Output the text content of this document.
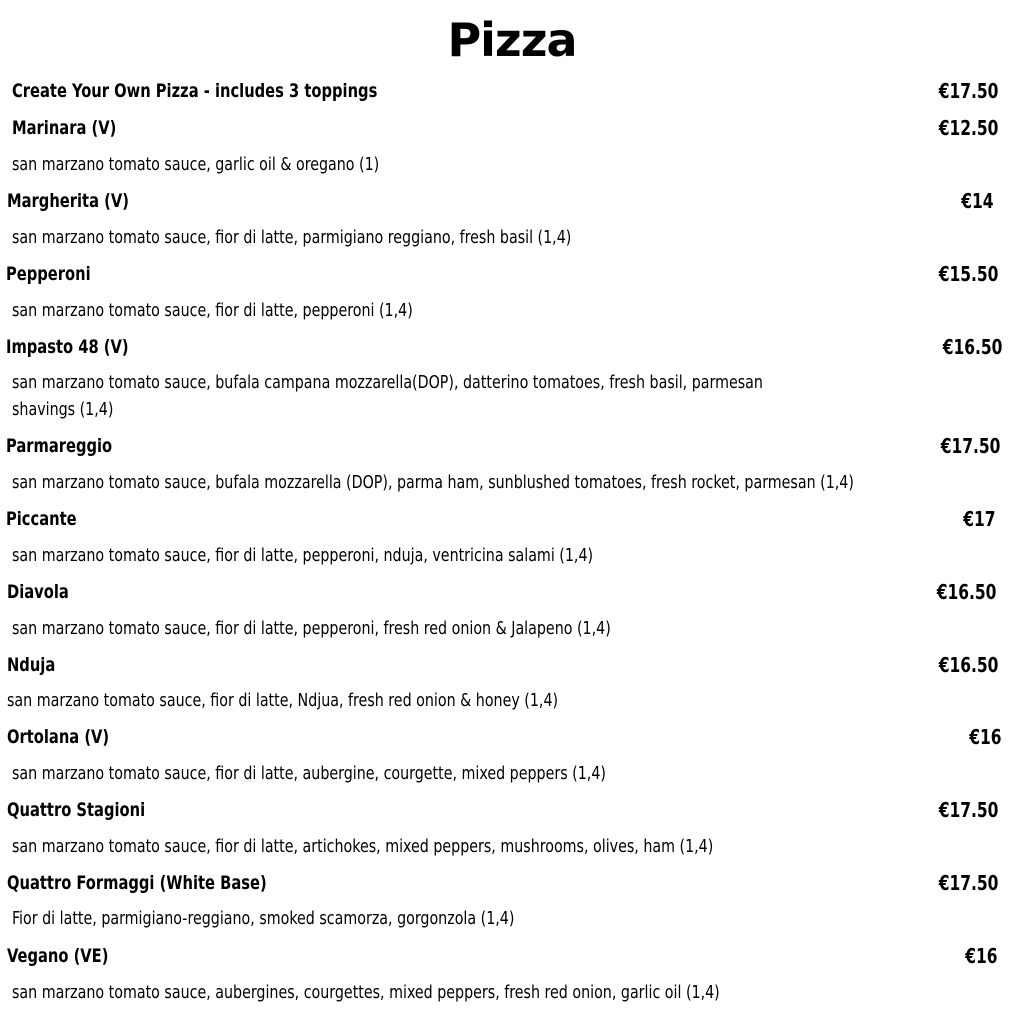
Pizza
Create Your Own Pizza - includes 3 toppings	€17.50
Marinara (V)	€12.50
san marzano tomato sauce, garlic oil & oregano (1)
Margherita (V)	€14
san marzano tomato sauce, fior di latte, parmigiano reggiano, fresh basil (1,4)
Pepperoni	€15.50
san marzano tomato sauce, fior di latte, pepperoni (1,4)
Impasto 48 (V)	€16.50
san marzano tomato sauce, bufala campana mozzarella(DOP), datterino tomatoes, fresh basil, parmesan
shavings (1,4)
Parmareggio	€17.50
san marzano tomato sauce, bufala mozzarella (DOP), parma ham, sunblushed tomatoes, fresh rocket, parmesan (1,4)
Piccante	€17
san marzano tomato sauce, fior di latte, pepperoni, nduja, ventricina salami (1,4)
Diavola	€16.50
san marzano tomato sauce, fior di latte, pepperoni, fresh red onion & Jalapeno (1,4)
Nduja	€16.50
san marzano tomato sauce, fior di latte, Ndjua, fresh red onion & honey (1,4)
Ortolana (V)	€16
san marzano tomato sauce, fior di latte, aubergine, courgette, mixed peppers (1,4)
Quattro Stagioni	€17.50
san marzano tomato sauce, fior di latte, artichokes, mixed peppers, mushrooms, olives, ham (1,4)
Quattro Formaggi (White Base)	€17.50
Fior di latte, parmigiano-reggiano, smoked scamorza, gorgonzola (1,4)
Vegano (VE)	€16
san marzano tomato sauce, aubergines, courgettes, mixed peppers, fresh red onion, garlic oil (1,4)
